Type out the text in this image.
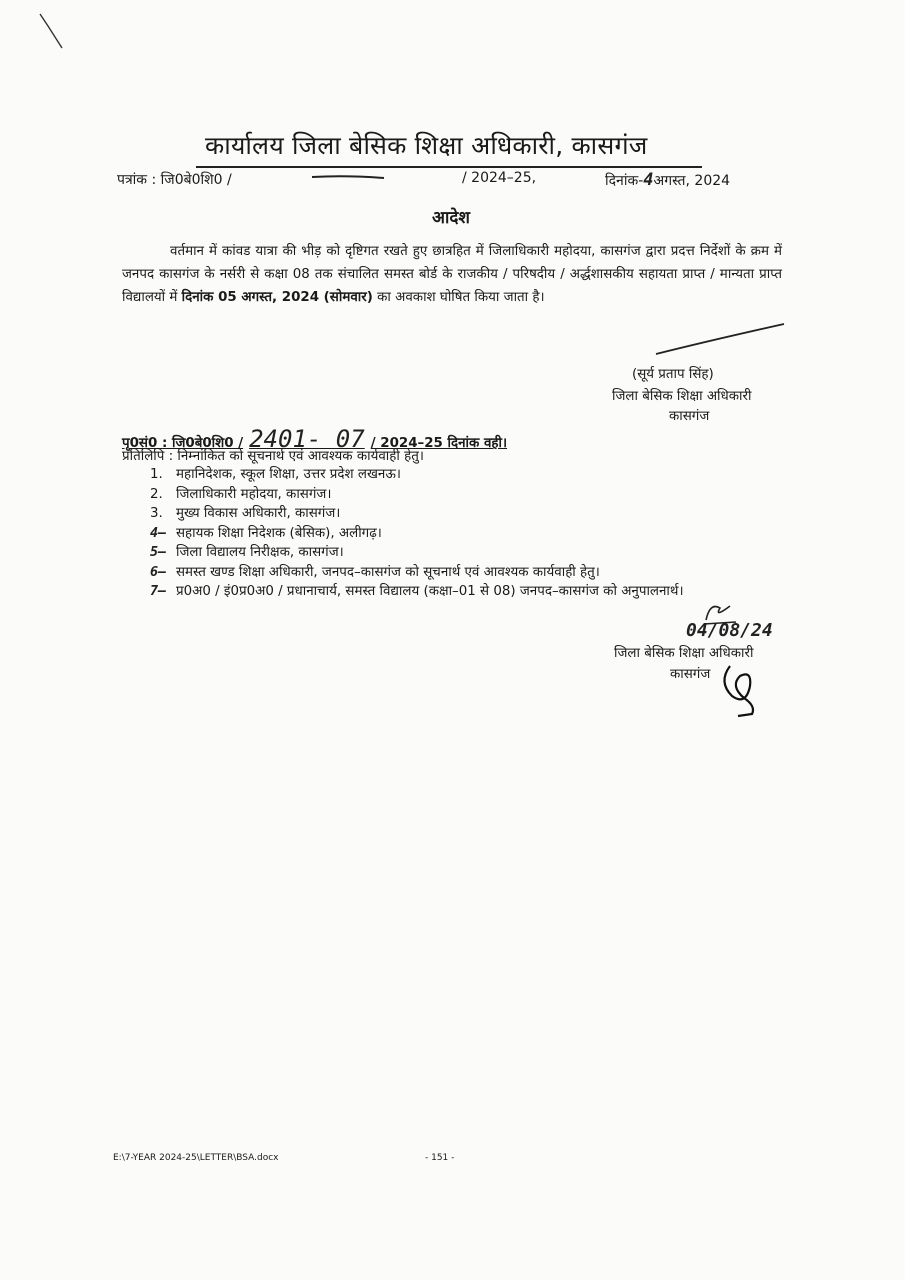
कार्यालय जिला बेसिक शिक्षा अधिकारी, कासगंज
पत्रांक : जि0बे0शि0 /	/ 2024–25,	दिनांक-4अगस्त, 2024
आदेश
वर्तमान में कांवड यात्रा की भीड़ को दृष्टिगत रखते हुए छात्रहित में जिलाधिकारी महोदया, कासगंज द्वारा प्रदत्त निर्देशों के क्रम में जनपद कासगंज के नर्सरी से कक्षा 08 तक संचालित समस्त बोर्ड के राजकीय / परिषदीय / अर्द्धशासकीय सहायता प्राप्त / मान्यता प्राप्त विद्यालयों में दिनांक 05 अगस्त, 2024 (सोमवार) का अवकाश घोषित किया जाता है।
(सूर्य प्रताप सिंह)
जिला बेसिक शिक्षा अधिकारी
कासगंज
पृ0सं0 : जि0बे0शि0 / 2401- 07 / 2024–25 दिनांक वही।
प्रतिलिपि : निम्नांकित को सूचनार्थ एवं आवश्यक कार्यवाही हेतु।
1. महानिदेशक, स्कूल शिक्षा, उत्तर प्रदेश लखनऊ।
2. जिलाधिकारी महोदया, कासगंज।
3. मुख्य विकास अधिकारी, कासगंज।
4– सहायक शिक्षा निदेशक (बेसिक), अलीगढ़।
5– जिला विद्यालय निरीक्षक, कासगंज।
6– समस्त खण्ड शिक्षा अधिकारी, जनपद–कासगंज को सूचनार्थ एवं आवश्यक कार्यवाही हेतु।
7– प्र0अ0 / इं0प्र0अ0 / प्रधानाचार्य, समस्त विद्यालय (कक्षा–01 से 08) जनपद–कासगंज को अनुपालनार्थ।
04/08/24
जिला बेसिक शिक्षा अधिकारी
कासगंज
E:\7-YEAR 2024-25\LETTER\BSA.docx	- 151 -
